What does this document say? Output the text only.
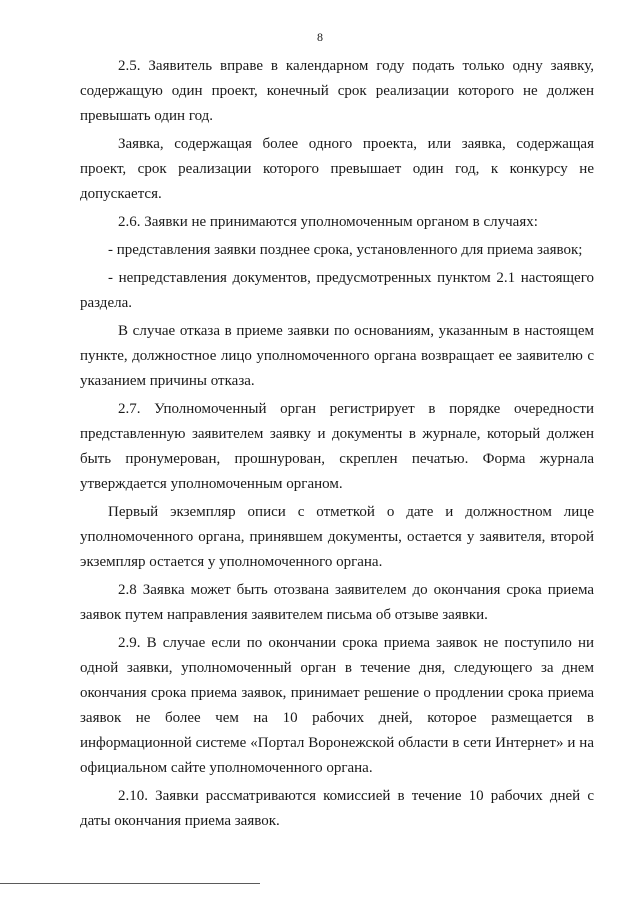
8

2.5. Заявитель вправе в календарном году подать только одну заявку, содержащую один проект, конечный срок реализации которого не должен превышать один год.

Заявка, содержащая более одного проекта, или заявка, содержащая проект, срок реализации которого превышает один год, к конкурсу не допускается.

2.6. Заявки не принимаются уполномоченным органом в случаях:

- представления заявки позднее срока, установленного для приема заявок;

- непредставления документов, предусмотренных пунктом 2.1 настоящего раздела.

В случае отказа в приеме заявки по основаниям, указанным в настоящем пункте, должностное лицо уполномоченного органа возвращает ее заявителю с указанием причины отказа.

2.7. Уполномоченный орган регистрирует в порядке очередности представленную заявителем заявку и документы в журнале, который должен быть пронумерован, прошнурован, скреплен печатью. Форма журнала утверждается уполномоченным органом.

Первый экземпляр описи с отметкой о дате и должностном лице уполномоченного органа, принявшем документы, остается у заявителя, второй экземпляр остается у уполномоченного органа.

2.8 Заявка может быть отозвана заявителем до окончания срока приема заявок путем направления заявителем письма об отзыве заявки.

2.9. В случае если по окончании срока приема заявок не поступило ни одной заявки, уполномоченный орган в течение дня, следующего за днем окончания срока приема заявок, принимает решение о продлении срока приема заявок не более чем на 10 рабочих дней, которое размещается в информационной системе «Портал Воронежской области в сети Интернет» и на официальном сайте уполномоченного органа.

2.10. Заявки рассматриваются комиссией в течение 10 рабочих дней с даты окончания приема заявок.
